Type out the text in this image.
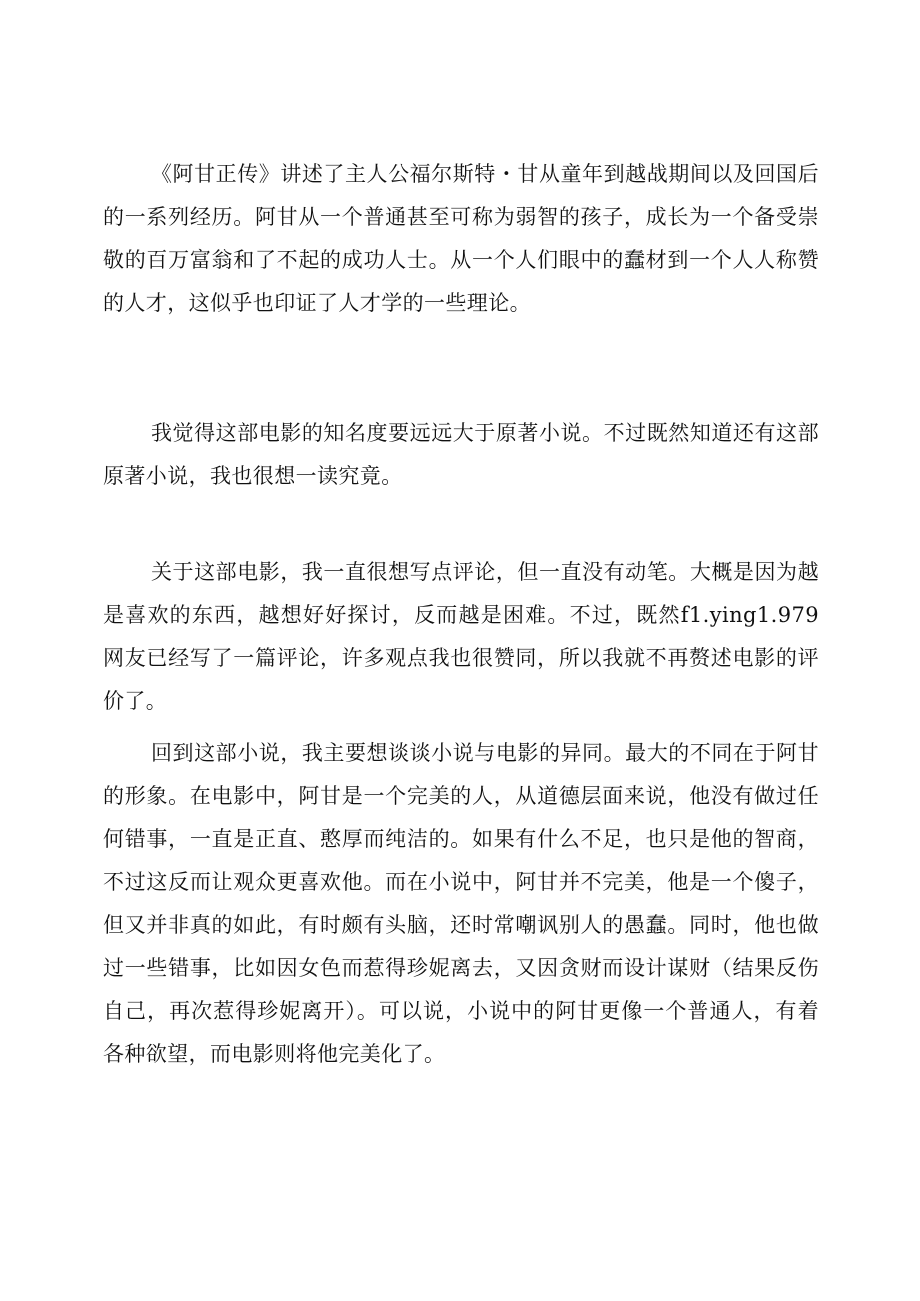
《阿甘正传》讲述了主人公福尔斯特・甘从童年到越战期间以及回国后的一系列经历。阿甘从一个普通甚至可称为弱智的孩子，成长为一个备受崇敬的百万富翁和了不起的成功人士。从一个人们眼中的蠢材到一个人人称赞的人才，这似乎也印证了人才学的一些理论。

我觉得这部电影的知名度要远远大于原著小说。不过既然知道还有这部原著小说，我也很想一读究竟。

关于这部电影，我一直很想写点评论，但一直没有动笔。大概是因为越是喜欢的东西，越想好好探讨，反而越是困难。不过，既然f1.ying1.979网友已经写了一篇评论，许多观点我也很赞同，所以我就不再赘述电影的评价了。

回到这部小说，我主要想谈谈小说与电影的异同。最大的不同在于阿甘的形象。在电影中，阿甘是一个完美的人，从道德层面来说，他没有做过任何错事，一直是正直、憨厚而纯洁的。如果有什么不足，也只是他的智商，不过这反而让观众更喜欢他。而在小说中，阿甘并不完美，他是一个傻子，但又并非真的如此，有时颇有头脑，还时常嘲讽别人的愚蠢。同时，他也做过一些错事，比如因女色而惹得珍妮离去，又因贪财而设计谋财（结果反伤自己，再次惹得珍妮离开）。可以说，小说中的阿甘更像一个普通人，有着各种欲望，而电影则将他完美化了。
